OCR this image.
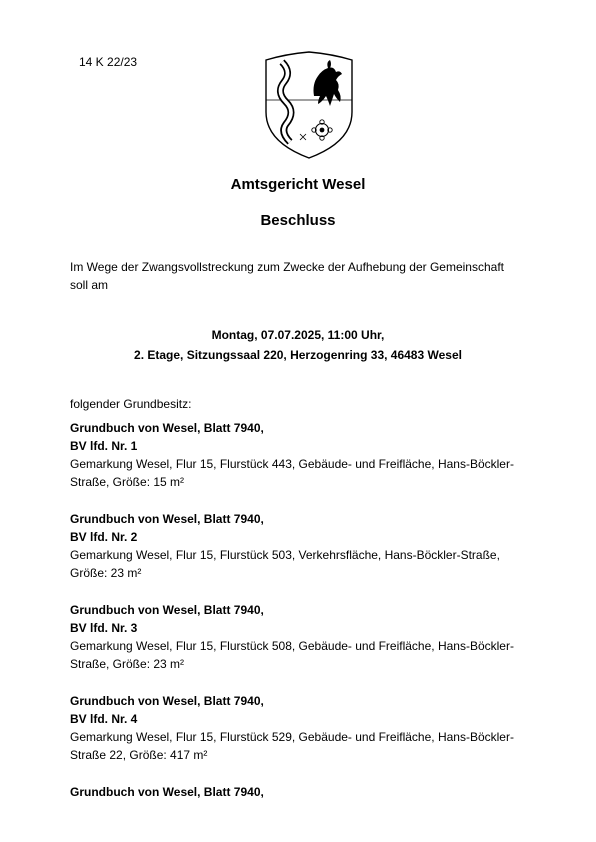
14 K 22/23
Amtsgericht Wesel
Beschluss
Im Wege der Zwangsvollstreckung zum Zwecke der Aufhebung der Gemeinschaft
soll am
Montag, 07.07.2025, 11:00 Uhr,
2. Etage, Sitzungssaal 220, Herzogenring 33, 46483 Wesel
folgender Grundbesitz:
Grundbuch von Wesel, Blatt 7940,
BV lfd. Nr. 1
Gemarkung Wesel, Flur 15, Flurstück 443, Gebäude- und Freifläche, Hans-Böckler-
Straße, Größe: 15 m²
Grundbuch von Wesel, Blatt 7940,
BV lfd. Nr. 2
Gemarkung Wesel, Flur 15, Flurstück 503, Verkehrsfläche, Hans-Böckler-Straße,
Größe: 23 m²
Grundbuch von Wesel, Blatt 7940,
BV lfd. Nr. 3
Gemarkung Wesel, Flur 15, Flurstück 508, Gebäude- und Freifläche, Hans-Böckler-
Straße, Größe: 23 m²
Grundbuch von Wesel, Blatt 7940,
BV lfd. Nr. 4
Gemarkung Wesel, Flur 15, Flurstück 529, Gebäude- und Freifläche, Hans-Böckler-
Straße 22, Größe: 417 m²
Grundbuch von Wesel, Blatt 7940,
